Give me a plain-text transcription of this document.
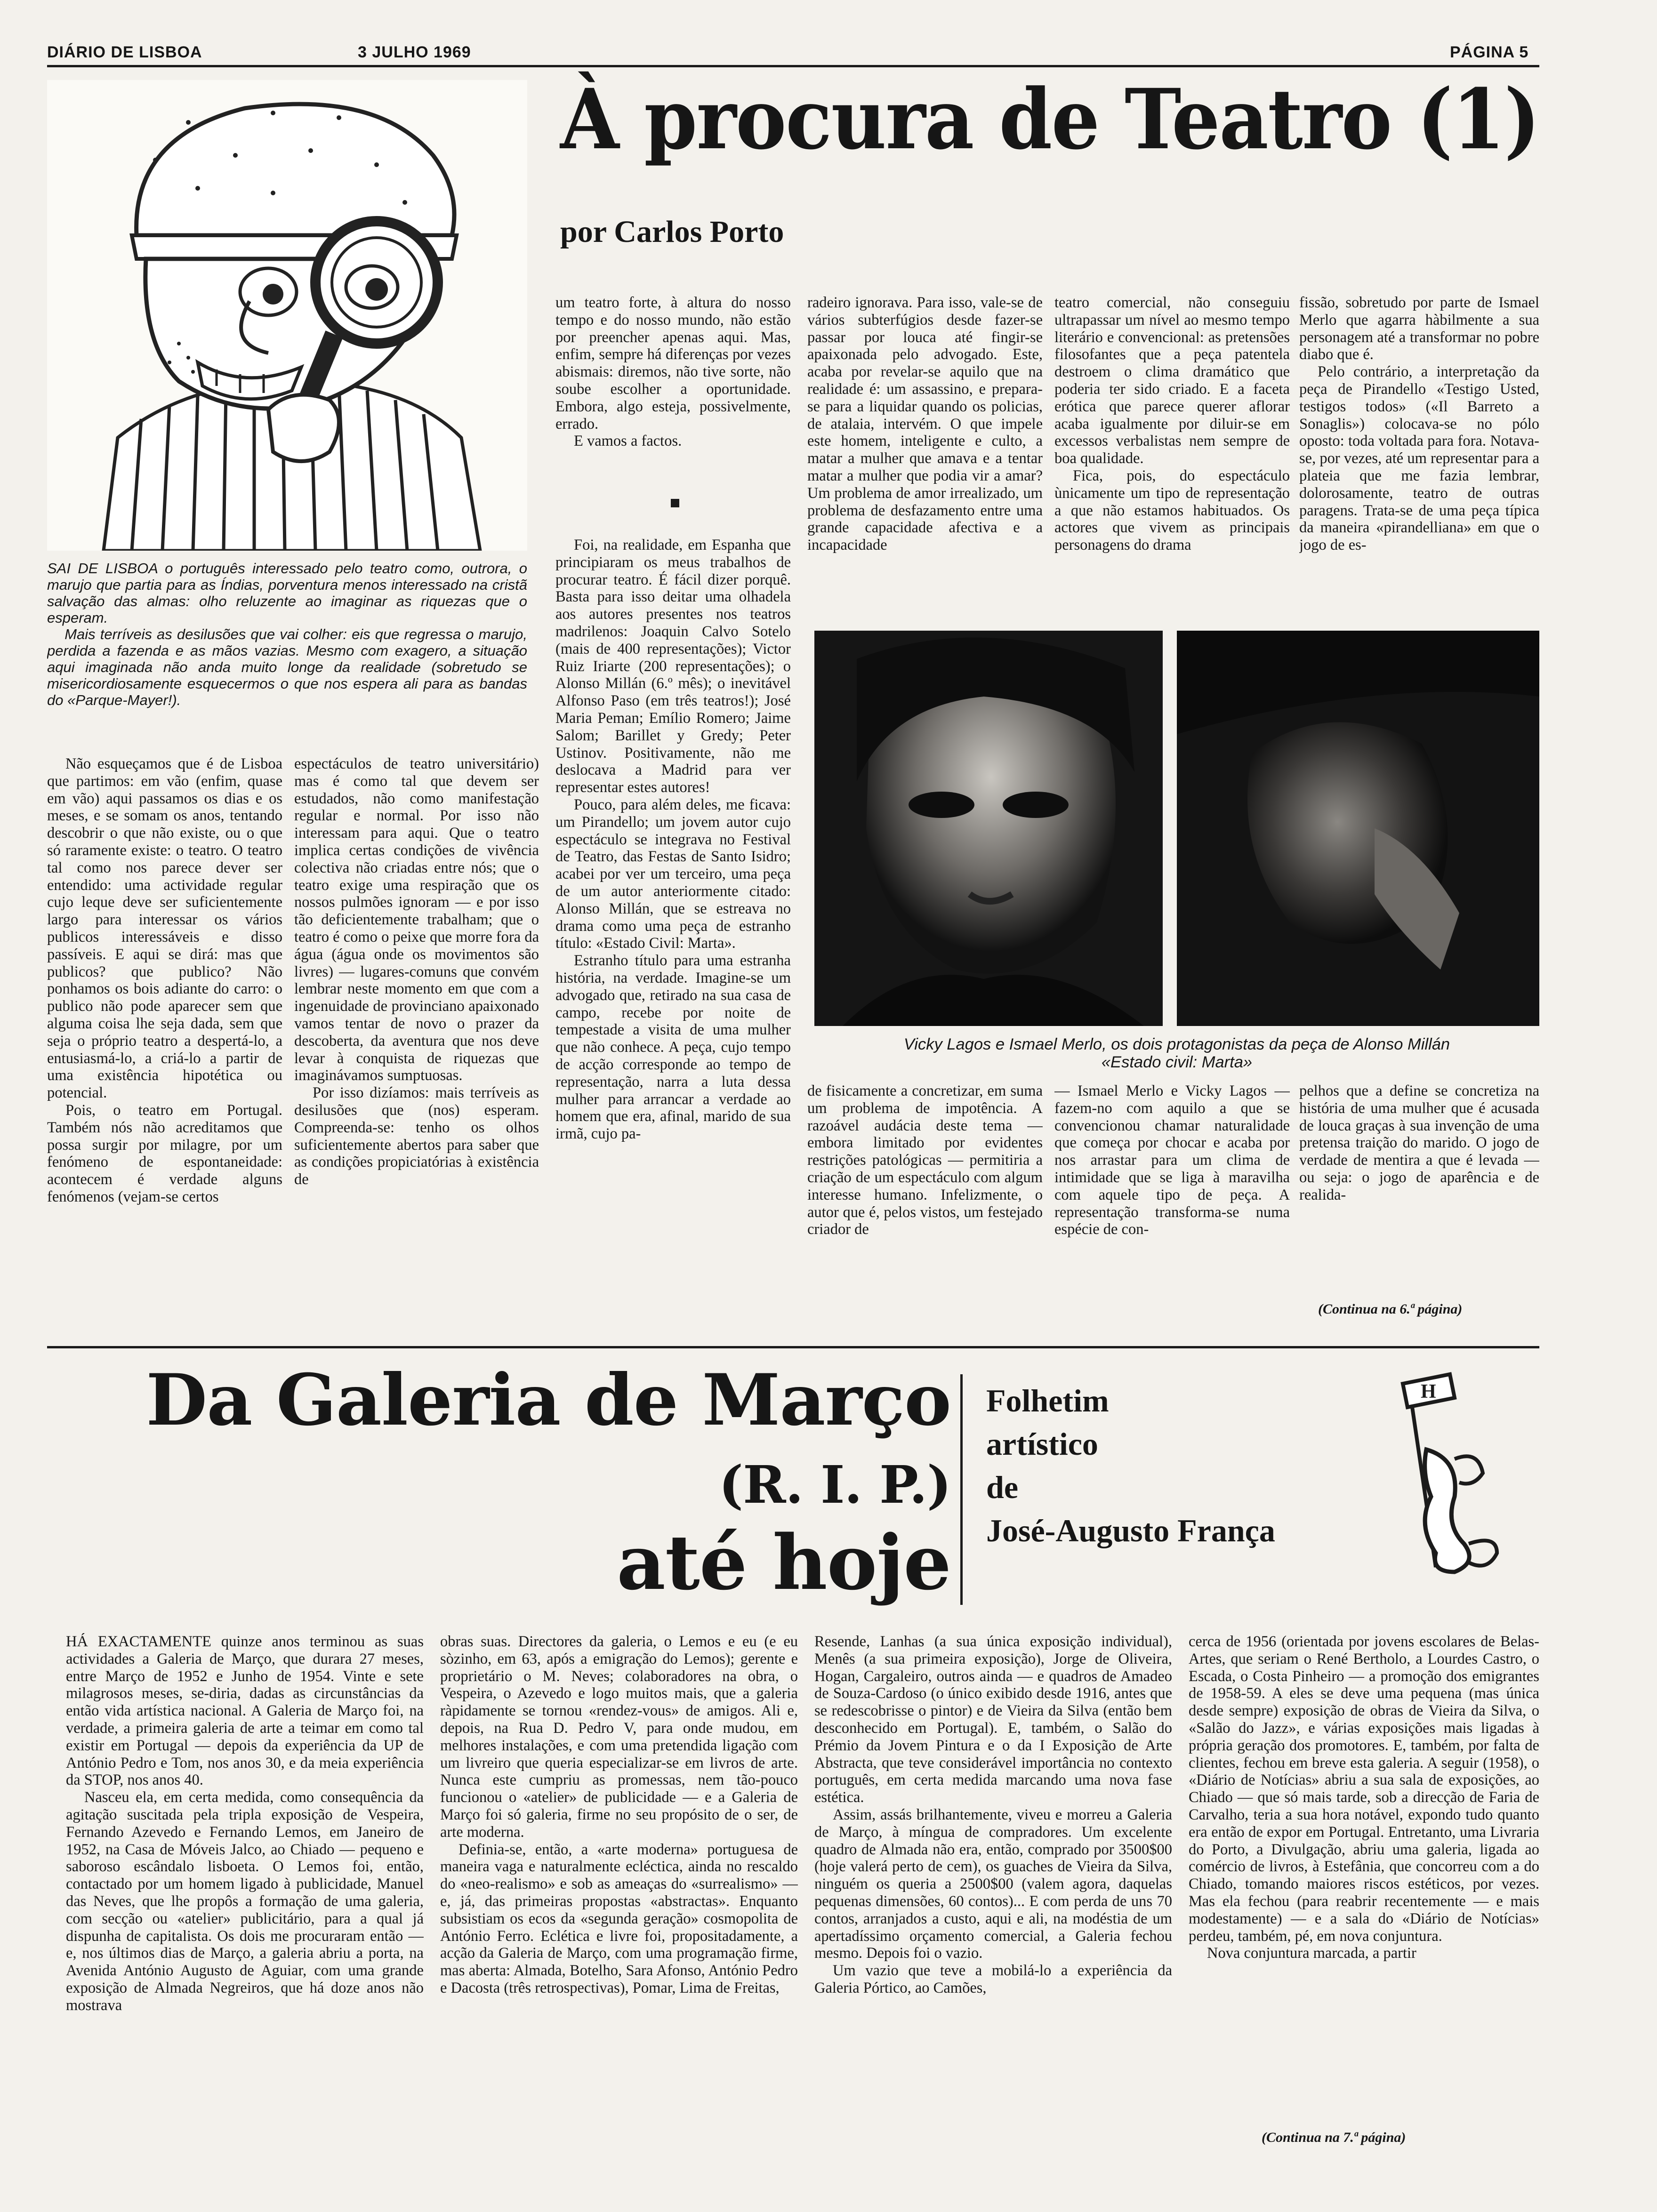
DIÁRIO DE LISBOA	3 JULHO 1969	PÁGINA 5

SAI DE LISBOA o português interessado pelo teatro como, outrora, o marujo que partia para as Índias, porventura menos interessado na cristã salvação das almas: olho reluzente ao imaginar as riquezas que o esperam.

Mais terríveis as desilusões que vai colher: eis que regressa o marujo, perdida a fazenda e as mãos vazias. Mesmo com exagero, a situação aqui imaginada não anda muito longe da realidade (sobretudo se misericordiosamente esquecermos o que nos espera ali para as bandas do «Parque-Mayer!).

À procura de Teatro (1)
por Carlos Porto

um teatro forte, à altura do nosso tempo e do nosso mundo, não estão por preencher apenas aqui. Mas, enfim, sempre há diferenças por vezes abismais: diremos, não tive sorte, não soube escolher a oportunidade. Embora, algo esteja, possivelmente, errado.

E vamos a factos.

Foi, na realidade, em Espanha que principiaram os meus trabalhos de procurar teatro. É fácil dizer porquê. Basta para isso deitar uma olhadela aos autores presentes nos teatros madrilenos: Joaquin Calvo Sotelo (mais de 400 representações); Victor Ruiz Iriarte (200 representações); o Alonso Millán (6.º mês); o inevitável Alfonso Paso (em três teatros!); José Maria Peman; Emílio Romero; Jaime Salom; Barillet y Gredy; Peter Ustinov. Positivamente, não me deslocava a Madrid para ver representar estes autores!

Pouco, para além deles, me ficava: um Pirandello; um jovem autor cujo espectáculo se integrava no Festival de Teatro, das Festas de Santo Isidro; acabei por ver um terceiro, uma peça de um autor anteriormente citado: Alonso Millán, que se estreava no drama como uma peça de estranho título: «Estado Civil: Marta».

Estranho título para uma estranha história, na verdade. Imagine-se um advogado que, retirado na sua casa de campo, recebe por noite de tempestade a visita de uma mulher que não conhece. A peça, cujo tempo de acção corresponde ao tempo de representação, narra a luta dessa mulher para arrancar a verdade ao homem que era, afinal, marido de sua irmã, cujo pa-

radeiro ignorava. Para isso, vale-se de vários subterfúgios desde fazer-se passar por louca até fingir-se apaixonada pelo advogado. Este, acaba por revelar-se aquilo que na realidade é: um assassino, e prepara-se para a liquidar quando os policias, de atalaia, intervém. O que impele este homem, inteligente e culto, a matar a mulher que amava e a tentar matar a mulher que podia vir a amar? Um problema de amor irrealizado, um problema de desfazamento entre uma grande capacidade afectiva e a incapacidade

teatro comercial, não conseguiu ultrapassar um nível ao mesmo tempo literário e convencional: as pretensões filosofantes que a peça patentela destroem o clima dramático que poderia ter sido criado. E a faceta erótica que parece querer aflorar acaba igualmente por diluir-se em excessos verbalistas nem sempre de boa qualidade.

Fica, pois, do espectáculo ùnicamente um tipo de representação a que não estamos habituados. Os actores que vivem as principais personagens do drama

fissão, sobretudo por parte de Ismael Merlo que agarra hàbilmente a sua personagem até a transformar no pobre diabo que é.

Pelo contrário, a interpretação da peça de Pirandello «Testigo Usted, testigos todos» («Il Barreto a Sonaglis») colocava-se no pólo oposto: toda voltada para fora. Notava-se, por vezes, até um representar para a plateia que me fazia lembrar, dolorosamente, teatro de outras paragens. Trata-se de uma peça típica da maneira «pirandelliana» em que o jogo de es-

Vicky Lagos e Ismael Merlo, os dois protagonistas da peça de Alonso Millán
«Estado civil: Marta»

Não esqueçamos que é de Lisboa que partimos: em vão (enfim, quase em vão) aqui passamos os dias e os meses, e se somam os anos, tentando descobrir o que não existe, ou o que só raramente existe: o teatro. O teatro tal como nos parece dever ser entendido: uma actividade regular cujo leque deve ser suficientemente largo para interessar os vários publicos interessáveis e disso passíveis. E aqui se dirá: mas que publicos? que publico? Não ponhamos os bois adiante do carro: o publico não pode aparecer sem que alguma coisa lhe seja dada, sem que seja o próprio teatro a despertá-lo, a entusiasmá-lo, a criá-lo a partir de uma existência hipotética ou potencial.

Pois, o teatro em Portugal. Também nós não acreditamos que possa surgir por milagre, por um fenómeno de espontaneidade: acontecem é verdade alguns fenómenos (vejam-se certos

espectáculos de teatro universitário) mas é como tal que devem ser estudados, não como manifestação regular e normal. Por isso não interessam para aqui. Que o teatro implica certas condições de vivência colectiva não criadas entre nós; que o teatro exige uma respiração que os nossos pulmões ignoram — e por isso tão deficientemente trabalham; que o teatro é como o peixe que morre fora da água (água onde os movimentos são livres) — lugares-comuns que convém lembrar neste momento em que com a ingenuidade de provinciano apaixonado vamos tentar de novo o prazer da descoberta, da aventura que nos deve levar à conquista de riquezas que imaginávamos sumptuosas.

Por isso dizíamos: mais terríveis as desilusões que (nos) esperam. Compreenda-se: tenho os olhos suficientemente abertos para saber que as condições propiciatórias à existência de

de fisicamente a concretizar, em suma um problema de impotência. A razoável audácia deste tema — embora limitado por evidentes restrições patológicas — permitiria a criação de um espectáculo com algum interesse humano. Infelizmente, o autor que é, pelos vistos, um festejado criador de

— Ismael Merlo e Vicky Lagos — fazem-no com aquilo a que se convencionou chamar naturalidade que começa por chocar e acaba por nos arrastar para um clima de intimidade que se liga à maravilha com aquele tipo de peça. A representação transforma-se numa espécie de con-

pelhos que a define se concretiza na história de uma mulher que é acusada de louca graças à sua invenção de uma pretensa traição do marido. O jogo de verdade de mentira a que é levada — ou seja: o jogo de aparência e de realida-

(Continua na 6.ª página)
Da Galeria de Março
(R. I. P.)
até hoje
Folhetim
artístico
de
José-Augusto França
H

HÁ EXACTAMENTE quinze anos terminou as suas actividades a Galeria de Março, que durara 27 meses, entre Março de 1952 e Junho de 1954. Vinte e sete milagrosos meses, se-diria, dadas as circunstâncias da então vida artística nacional. A Galeria de Março foi, na verdade, a primeira galeria de arte a teimar em como tal existir em Portugal — depois da experiência da UP de António Pedro e Tom, nos anos 30, e da meia experiência da STOP, nos anos 40.

Nasceu ela, em certa medida, como consequência da agitação suscitada pela tripla exposição de Vespeira, Fernando Azevedo e Fernando Lemos, em Janeiro de 1952, na Casa de Móveis Jalco, ao Chiado — pequeno e saboroso escândalo lisboeta. O Lemos foi, então, contactado por um homem ligado à publicidade, Manuel das Neves, que lhe propôs a formação de uma galeria, com secção ou «atelier» publicitário, para a qual já dispunha de capitalista. Os dois me procuraram então — e, nos últimos dias de Março, a galeria abriu a porta, na Avenida António Augusto de Aguiar, com uma grande exposição de Almada Negreiros, que há doze anos não mostrava

obras suas. Directores da galeria, o Lemos e eu (e eu sòzinho, em 63, após a emigração do Lemos); gerente e proprietário o M. Neves; colaboradores na obra, o Vespeira, o Azevedo e logo muitos mais, que a galeria ràpidamente se tornou «rendez-vous» de amigos. Ali e, depois, na Rua D. Pedro V, para onde mudou, em melhores instalações, e com uma pretendida ligação com um livreiro que queria especializar-se em livros de arte. Nunca este cumpriu as promessas, nem tão-pouco funcionou o «atelier» de publicidade — e a Galeria de Março foi só galeria, firme no seu propósito de o ser, de arte moderna.

Definia-se, então, a «arte moderna» portuguesa de maneira vaga e naturalmente ecléctica, ainda no rescaldo do «neo-realismo» e sob as ameaças do «surrealismo» — e, já, das primeiras propostas «abstractas». Enquanto subsistiam os ecos da «segunda geração» cosmopolita de António Ferro. Eclética e livre foi, propositadamente, a acção da Galeria de Março, com uma programação firme, mas aberta: Almada, Botelho, Sara Afonso, António Pedro e Dacosta (três retrospectivas), Pomar, Lima de Freitas,

Resende, Lanhas (a sua única exposição individual), Menês (a sua primeira exposição), Jorge de Oliveira, Hogan, Cargaleiro, outros ainda — e quadros de Amadeo de Souza-Cardoso (o único exibido desde 1916, antes que se redescobrisse o pintor) e de Vieira da Silva (então bem desconhecido em Portugal). E, também, o Salão do Prémio da Jovem Pintura e o da I Exposição de Arte Abstracta, que teve considerável importância no contexto português, em certa medida marcando uma nova fase estética.

Assim, assás brilhantemente, viveu e morreu a Galeria de Março, à míngua de compradores. Um excelente quadro de Almada não era, então, comprado por 3500$00 (hoje valerá perto de cem), os guaches de Vieira da Silva, ninguém os queria a 2500$00 (valem agora, daquelas pequenas dimensões, 60 contos)... E com perda de uns 70 contos, arranjados a custo, aqui e ali, na modéstia de um apertadíssimo orçamento comercial, a Galeria fechou mesmo. Depois foi o vazio.

Um vazio que teve a mobilá-lo a experiência da Galeria Pórtico, ao Camões,

cerca de 1956 (orientada por jovens escolares de Belas-Artes, que seriam o René Bertholo, a Lourdes Castro, o Escada, o Costa Pinheiro — a promoção dos emigrantes de 1958-59. A eles se deve uma pequena (mas única desde sempre) exposição de obras de Vieira da Silva, o «Salão do Jazz», e várias exposições mais ligadas à própria geração dos promotores. E, também, por falta de clientes, fechou em breve esta galeria. A seguir (1958), o «Diário de Notícias» abriu a sua sala de exposições, ao Chiado — que só mais tarde, sob a direcção de Faria de Carvalho, teria a sua hora notável, expondo tudo quanto era então de expor em Portugal. Entretanto, uma Livraria do Porto, a Divulgação, abriu uma galeria, ligada ao comércio de livros, à Estefânia, que concorreu com a do Chiado, tomando maiores riscos estéticos, por vezes. Mas ela fechou (para reabrir recentemente — e mais modestamente) — e a sala do «Diário de Notícias» perdeu, também, pé, em nova conjuntura.

Nova conjuntura marcada, a partir

(Continua na 7.ª página)
